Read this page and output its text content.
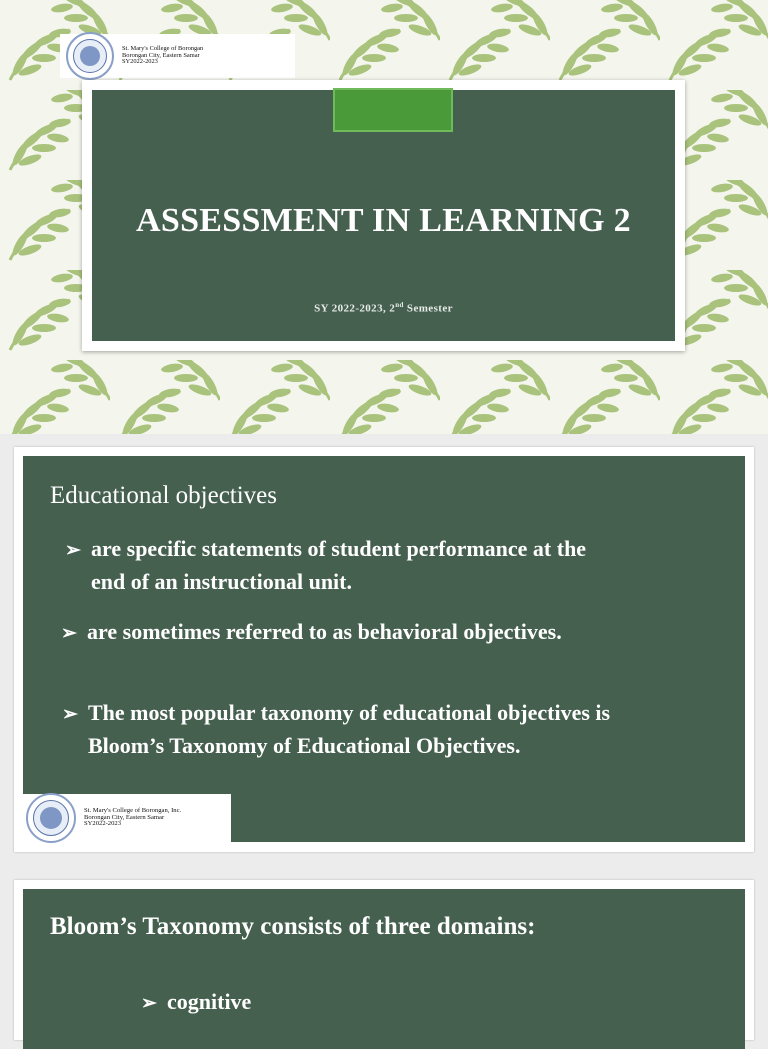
St. Mary's College of Borongan
Borongan City, Eastern Samar
SY2022-2023
ASSESSMENT IN LEARNING 2
SY 2022-2023, 2nd Semester
Educational objectives
➢ are specific statements of student performance at the
end of an instructional unit.
➢ are sometimes referred to as behavioral objectives.
➢ The most popular taxonomy of educational objectives is
Bloom’s Taxonomy of Educational Objectives.
St. Mary's College of Borongan, Inc.
Borongan City, Eastern Samar
SY2022-2023
Bloom’s Taxonomy consists of three domains:
➢ cognitive
